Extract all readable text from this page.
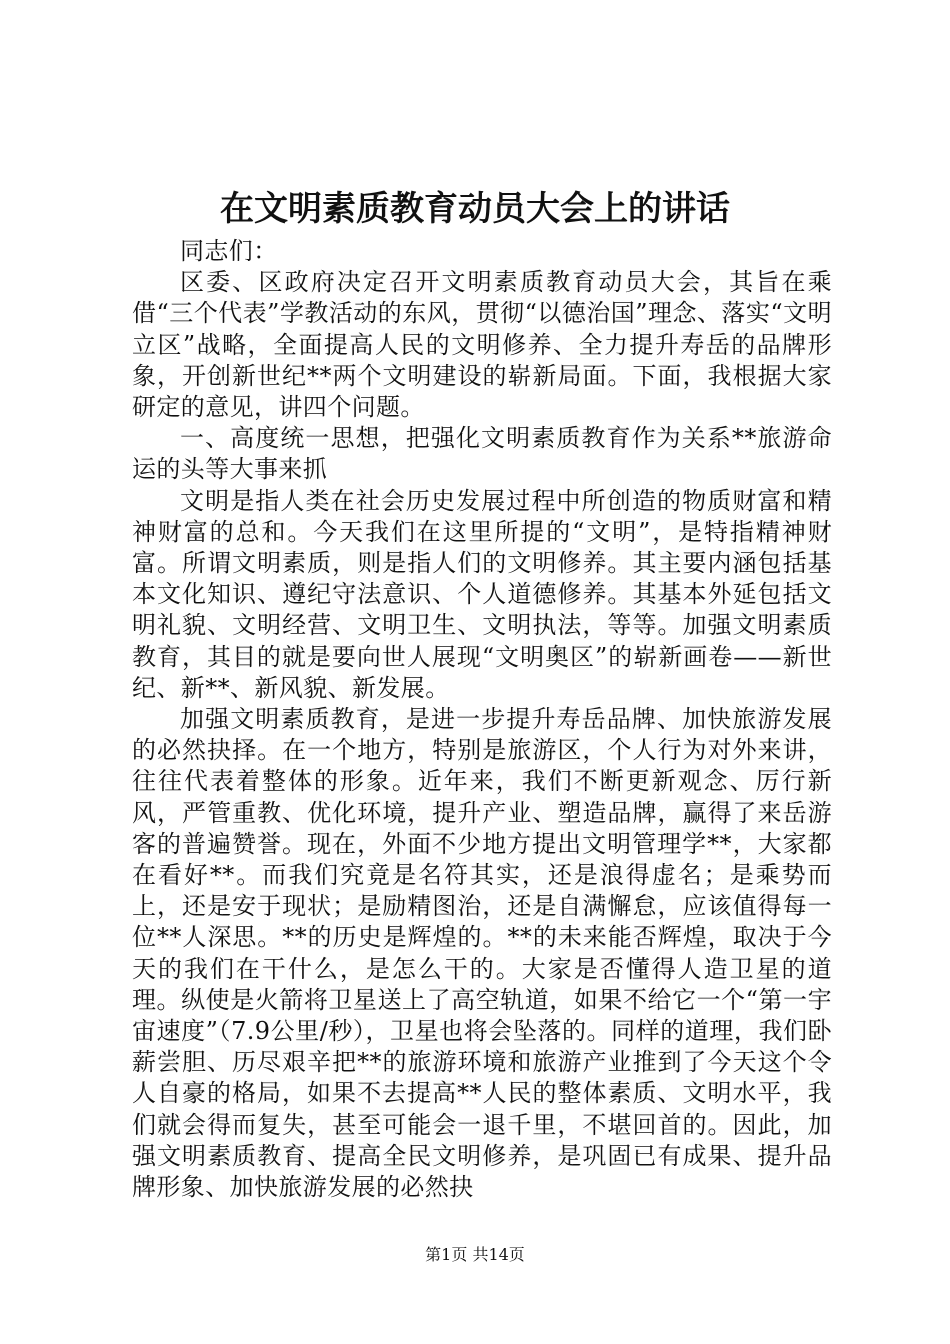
在文明素质教育动员大会上的讲话

同志们：

区委、区政府决定召开文明素质教育动员大会，其旨在乘借“三个代表”学教活动的东风，贯彻“以德治国”理念、落实“文明立区”战略，全面提高人民的文明修养、全力提升寿岳的品牌形象，开创新世纪**两个文明建设的崭新局面。下面，我根据大家研定的意见，讲四个问题。

一、高度统一思想，把强化文明素质教育作为关系**旅游命运的头等大事来抓

文明是指人类在社会历史发展过程中所创造的物质财富和精神财富的总和。今天我们在这里所提的“文明”，是特指精神财富。所谓文明素质，则是指人们的文明修养。其主要内涵包括基本文化知识、遵纪守法意识、个人道德修养。其基本外延包括文明礼貌、文明经营、文明卫生、文明执法，等等。加强文明素质教育，其目的就是要向世人展现“文明奥区”的崭新画卷——新世纪、新**、新风貌、新发展。

加强文明素质教育，是进一步提升寿岳品牌、加快旅游发展的必然抉择。在一个地方，特别是旅游区，个人行为对外来讲，往往代表着整体的形象。近年来，我们不断更新观念、厉行新风，严管重教、优化环境，提升产业、塑造品牌，赢得了来岳游客的普遍赞誉。现在，外面不少地方提出文明管理学**，大家都在看好**。而我们究竟是名符其实，还是浪得虚名；是乘势而上，还是安于现状；是励精图治，还是自满懈怠，应该值得每一位**人深思。**的历史是辉煌的。**的未来能否辉煌，取决于今天的我们在干什么，是怎么干的。大家是否懂得人造卫星的道理。纵使是火箭将卫星送上了高空轨道，如果不给它一个“第一宇宙速度”（7.9公里/秒），卫星也将会坠落的。同样的道理，我们卧薪尝胆、历尽艰辛把**的旅游环境和旅游产业推到了今天这个令人自豪的格局，如果不去提高**人民的整体素质、文明水平，我们就会得而复失，甚至可能会一退千里，不堪回首的。因此，加强文明素质教育、提高全民文明修养，是巩固已有成果、提升品牌形象、加快旅游发展的必然抉

第1页 共14页
